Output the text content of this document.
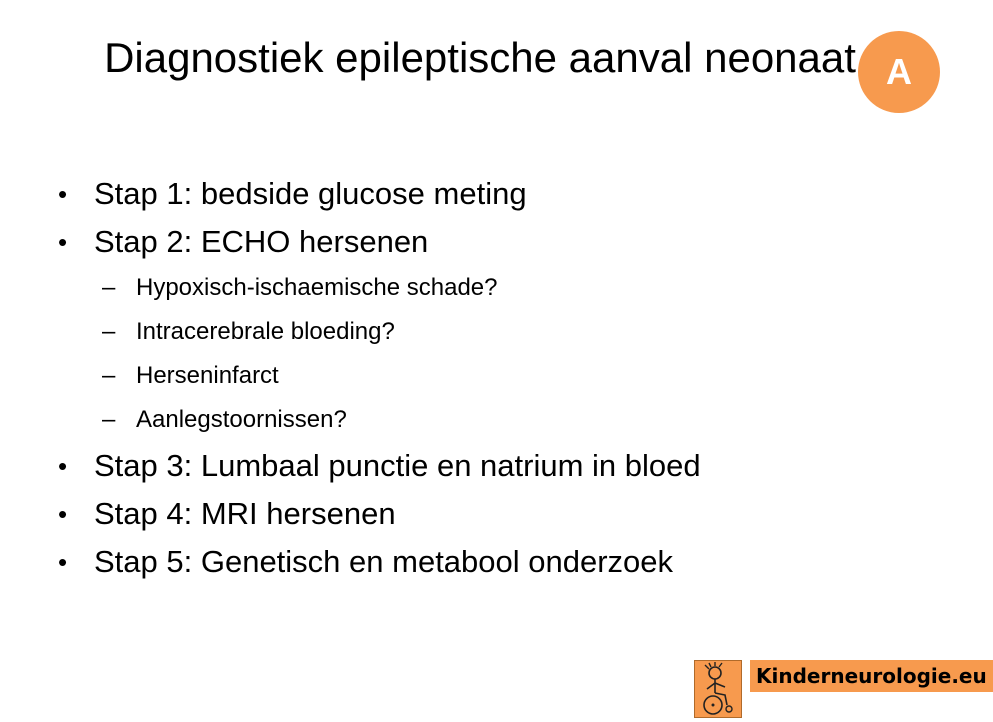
Diagnostiek epileptische aanval neonaat A
• Stap 1: bedside glucose meting
• Stap 2: ECHO hersenen
– Hypoxisch-ischaemische schade?
– Intracerebrale bloeding?
– Herseninfarct
– Aanlegstoornissen?
• Stap 3: Lumbaal punctie en natrium in bloed
• Stap 4: MRI hersenen
• Stap 5: Genetisch en metabool onderzoek
Kinderneurologie.eu
